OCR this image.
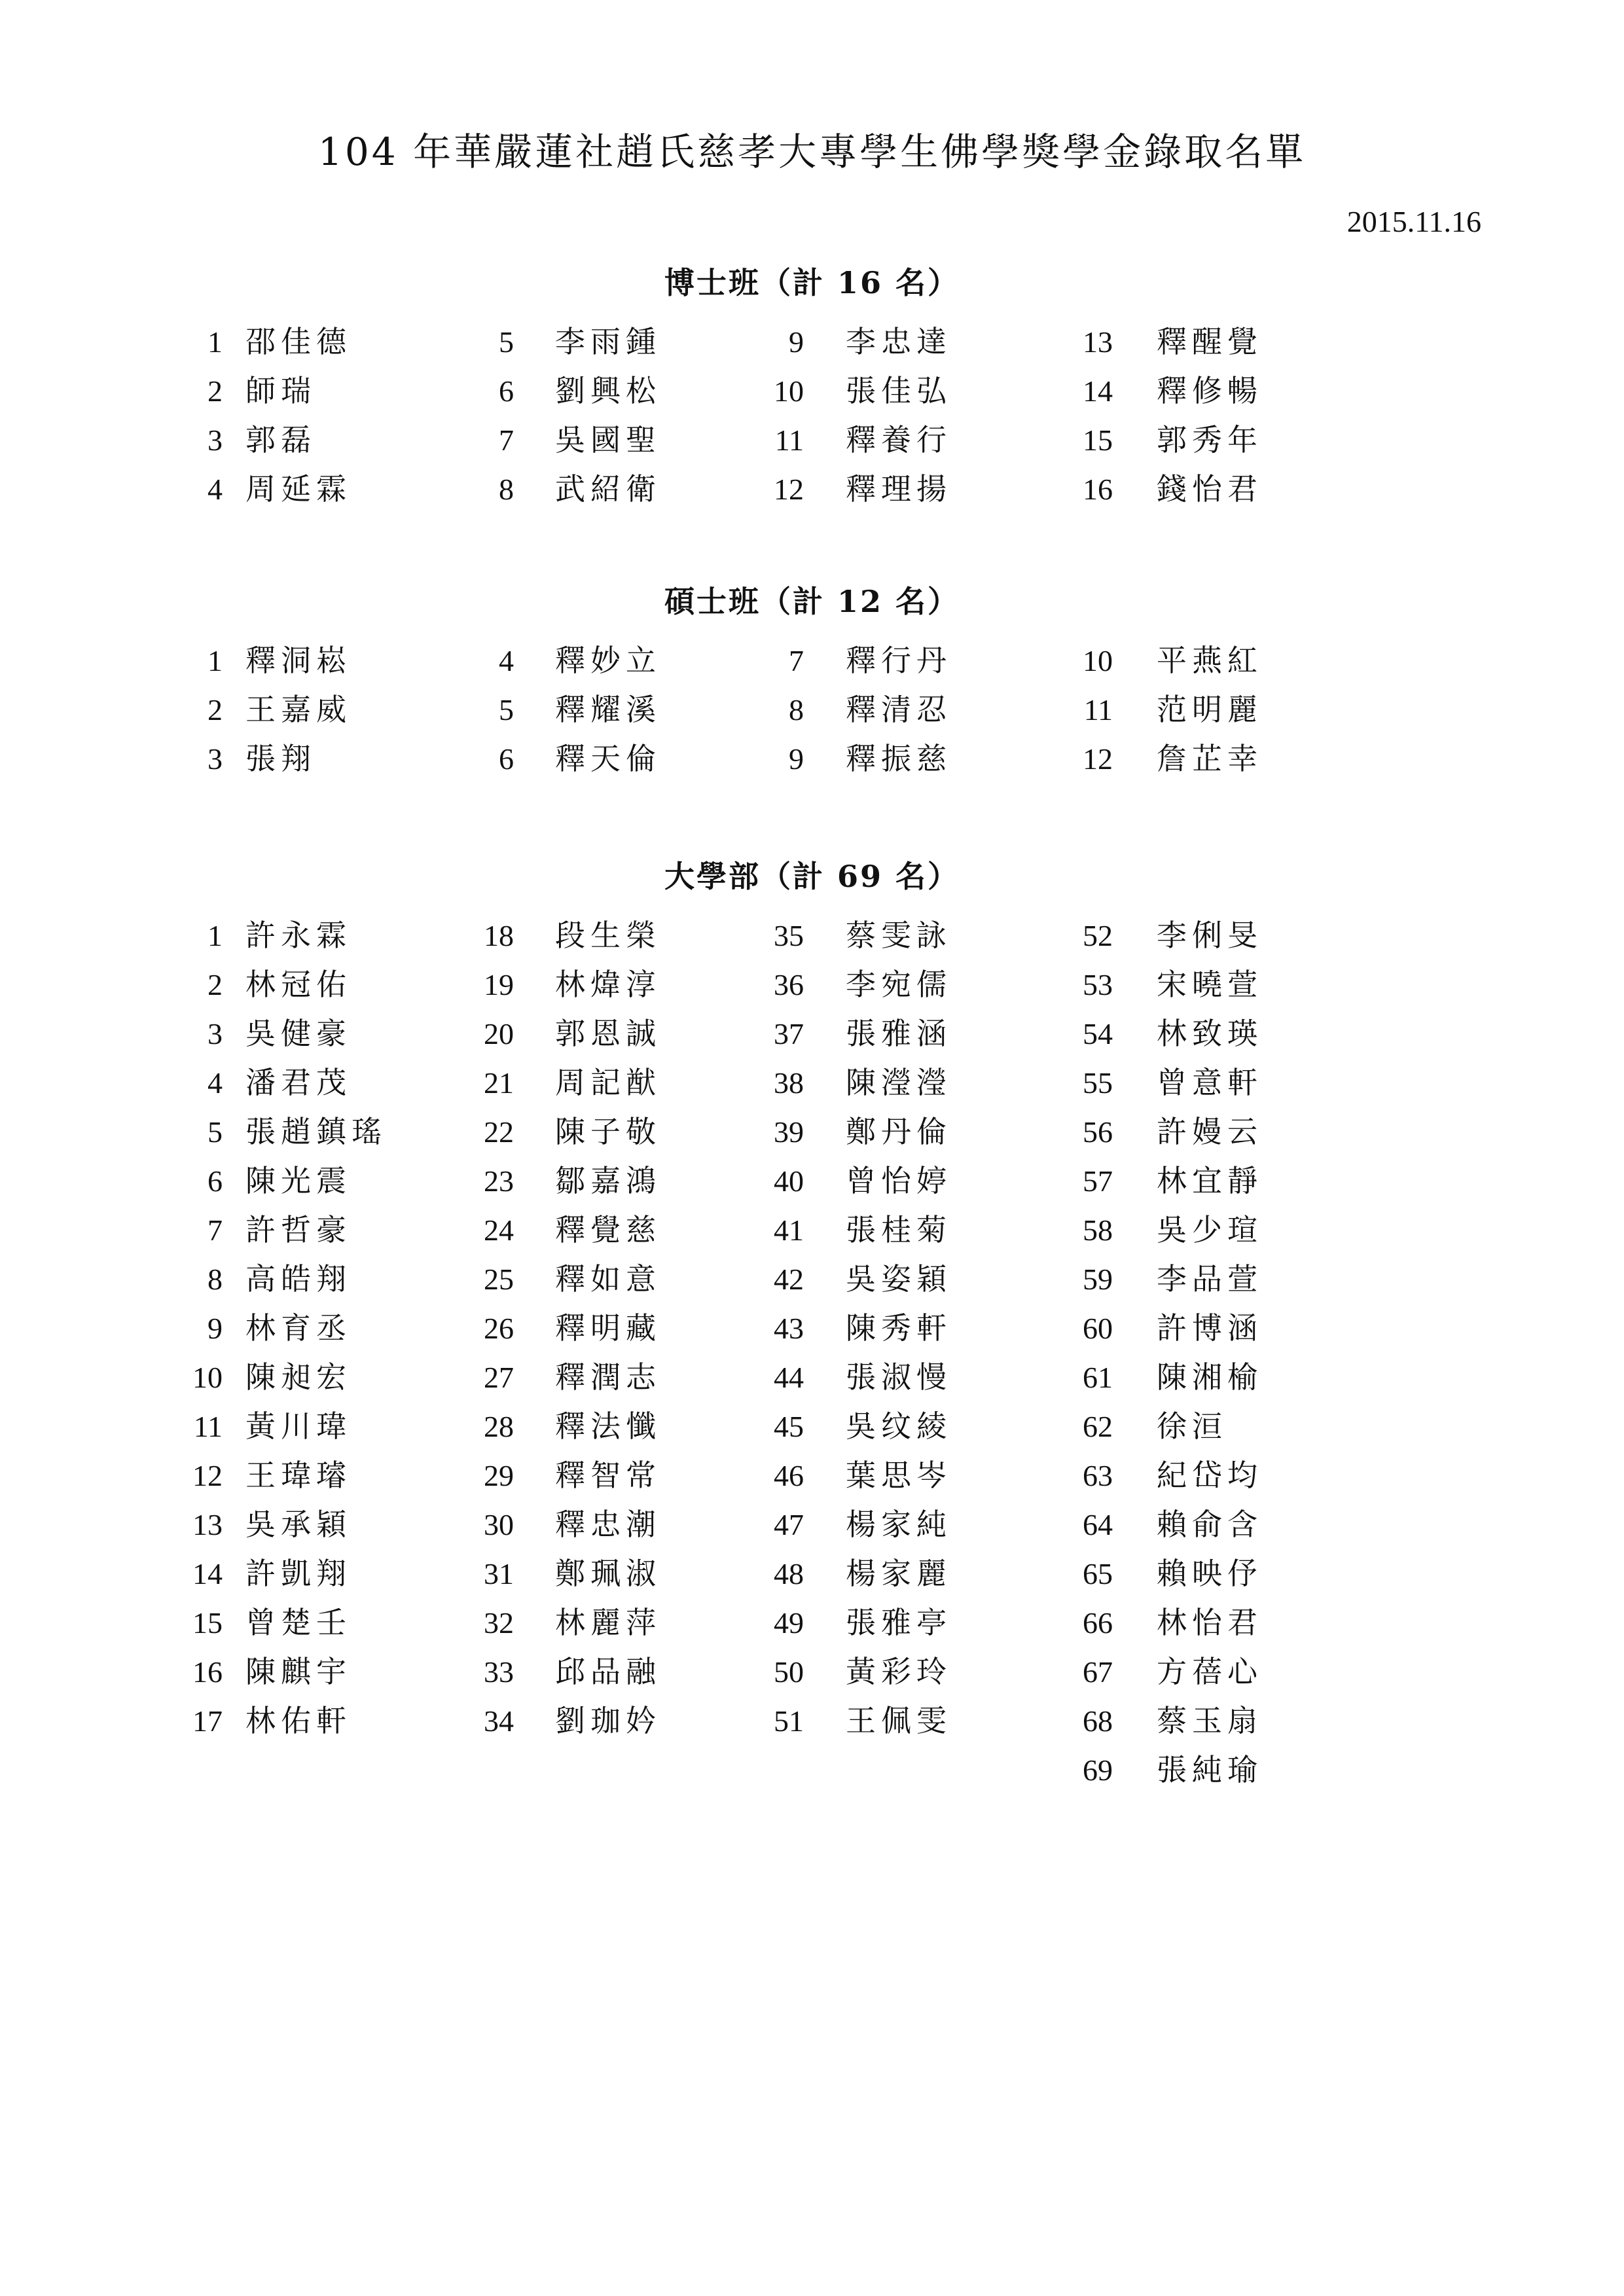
104 年華嚴蓮社趙氏慈孝大專學生佛學獎學金錄取名單
2015.11.16
博士班（計 16 名）
1 邵佳德
2 師瑞
3 郭磊
4 周延霖
5 李雨鍾
6 劉興松
7 吳國聖
8 武紹衛
9 李忠達
10 張佳弘
11 釋養行
12 釋理揚
13 釋醒覺
14 釋修暢
15 郭秀年
16 錢怡君
碩士班（計 12 名）
1 釋洞崧
2 王嘉威
3 張翔
4 釋妙立
5 釋耀溪
6 釋天倫
7 釋行丹
8 釋清忍
9 釋振慈
10 平燕紅
11 范明麗
12 詹芷幸
大學部（計 69 名）
1 許永霖
2 林冠佑
3 吳健豪
4 潘君茂
5 張趙鎮瑤
6 陳光震
7 許哲豪
8 高皓翔
9 林育丞
10 陳昶宏
11 黃川瑋
12 王瑋璿
13 吳承穎
14 許凱翔
15 曾楚壬
16 陳麒宇
17 林佑軒
18 段生榮
19 林煒淳
20 郭恩誠
21 周記猷
22 陳子敬
23 鄒嘉鴻
24 釋覺慈
25 釋如意
26 釋明藏
27 釋潤志
28 釋法懺
29 釋智常
30 釋忠潮
31 鄭珮淑
32 林麗萍
33 邱品融
34 劉珈妗
35 蔡雯詠
36 李宛儒
37 張雅涵
38 陳瀅瀅
39 鄭丹倫
40 曾怡婷
41 張桂菊
42 吳姿穎
43 陳秀軒
44 張淑慢
45 吳纹綾
46 葉思岑
47 楊家純
48 楊家麗
49 張雅亭
50 黃彩玲
51 王佩雯
52 李俐旻
53 宋曉萱
54 林致瑛
55 曾意軒
56 許嫚云
57 林宜靜
58 吳少瑄
59 李品萱
60 許博涵
61 陳湘榆
62 徐洹
63 紀岱均
64 賴俞含
65 賴映伃
66 林怡君
67 方蓓心
68 蔡玉扇
69 張純瑜
